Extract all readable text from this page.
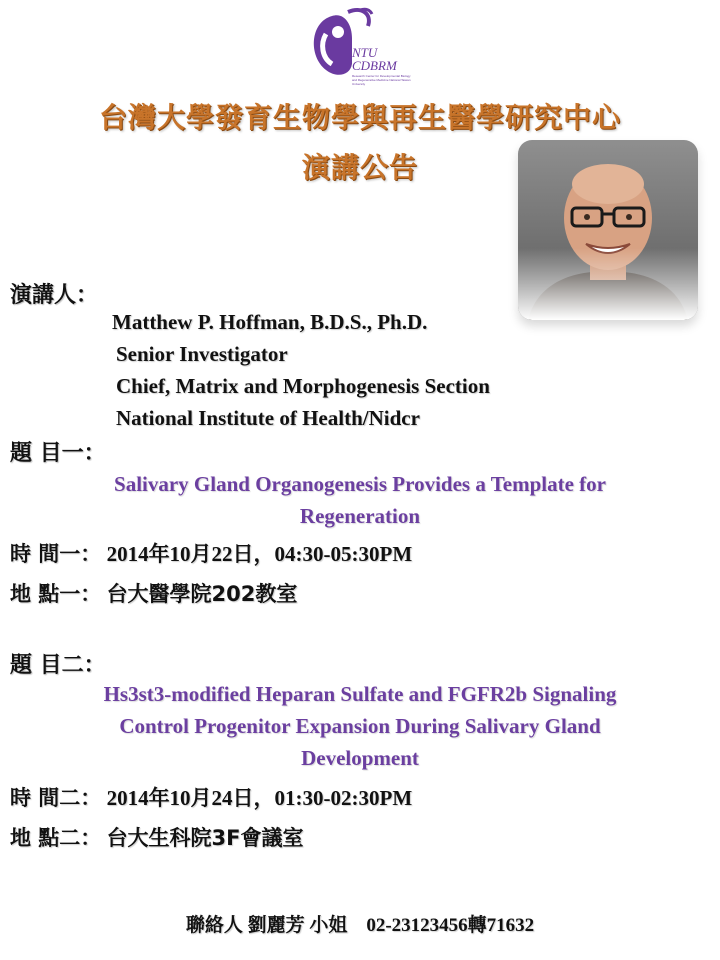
NTU
CDBRM
Research Center for Developmental Biology and Regenerative Medicine National Taiwan University
台灣大學發育生物學與再生醫學研究中心
演講公告
演講人：
Matthew P. Hoffman, B.D.S., Ph.D.
Senior Investigator
Chief, Matrix and Morphogenesis Section
National Institute of Health/Nidcr
題 目一：
Salivary Gland Organogenesis Provides a Template for
Regeneration
時 間一： 2014年10月22日，04:30-05:30PM
地 點一： 台大醫學院202教室
題 目二：
Hs3st3-modified Heparan Sulfate and FGFR2b Signaling
Control Progenitor Expansion During Salivary Gland
Development
時 間二： 2014年10月24日，01:30-02:30PM
地 點二： 台大生科院3F會議室
聯絡人 劉麗芳 小姐    02-23123456轉71632
